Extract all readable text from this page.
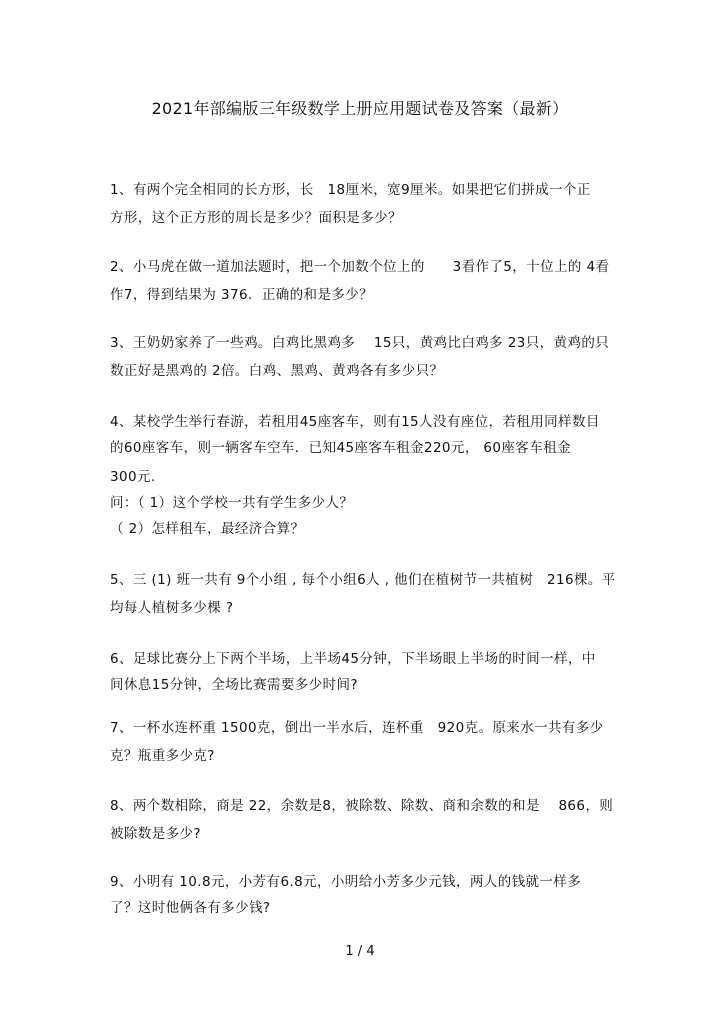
2021年部编版三年级数学上册应用题试卷及答案（最新）
1、有两个完全相同的长方形，长　18厘米，宽9厘米。如果把它们拼成一个正
方形，这个正方形的周长是多少？面积是多少？
2、小马虎在做一道加法题时，把一个加数个位上的　　3看作了5，十位上的 4看
作7，得到结果为 376．正确的和是多少？
3、王奶奶家养了一些鸡。白鸡比黑鸡多　 15只，黄鸡比白鸡多 23只，黄鸡的只
数正好是黑鸡的 2倍。白鸡、黑鸡、黄鸡各有多少只？
4、某校学生举行春游，若租用45座客车，则有15人没有座位，若租用同样数目
的60座客车，则一辆客车空车．已知45座客车租金220元， 60座客车租金
300元.
问：（ 1）这个学校一共有学生多少人？
（ 2）怎样租车，最经济合算？
5、三 (1) 班一共有 9个小组 , 每个小组6人 , 他们在植树节一共植树　216棵。平
均每人植树多少棵 ?
6、足球比赛分上下两个半场，上半场45分钟，下半场眼上半场的时间一样，中
间休息15分钟，全场比赛需要多少时间?
7、一杯水连杯重 1500克，倒出一半水后，连杯重　920克。原来水一共有多少
克？瓶重多少克?
8、两个数相除，商是 22，余数是8，被除数、除数、商和余数的和是　 866，则
被除数是多少?
9、小明有 10.8元，小芳有6.8元，小明给小芳多少元钱，两人的钱就一样多
了？这时他俩各有多少钱?
1 / 4
